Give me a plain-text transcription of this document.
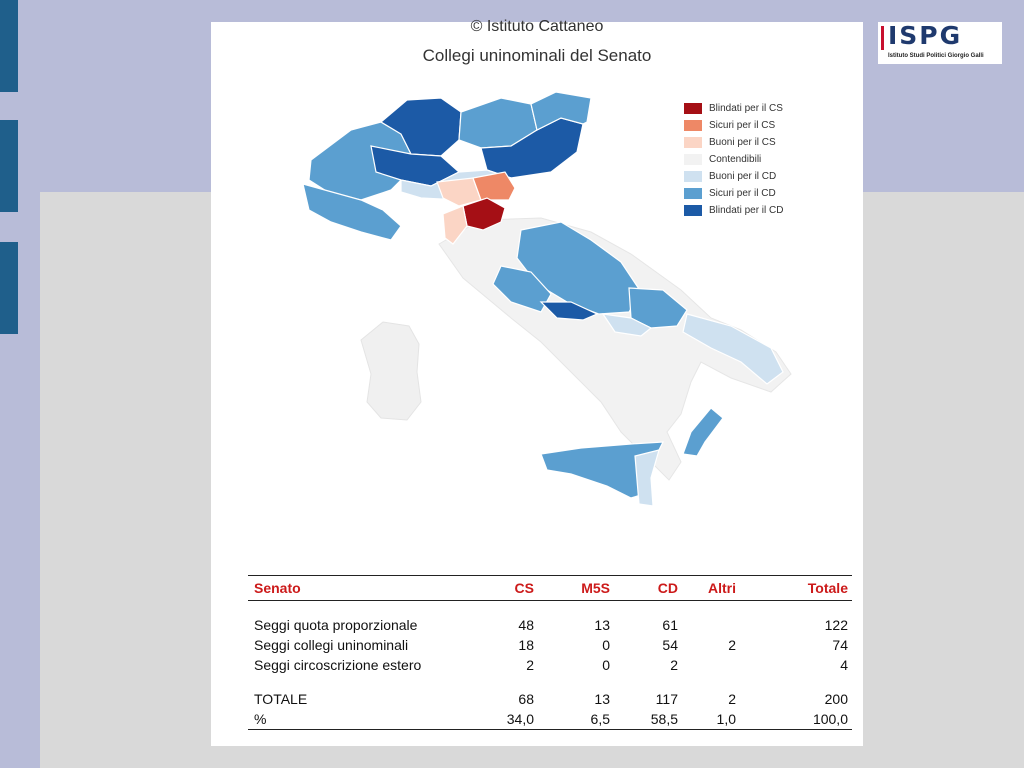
ISPG
Istituto Studi Politici Giorgio Galli
© Istituto Cattaneo
Collegi uninominali del Senato
Blindati per il CS
Sicuri per il CS
Buoni per il CS
Contendibili
Buoni per il CD
Sicuri per il CD
Blindati per il CD
Senato	CS	M5S	CD	Altri	Totale

Seggi quota proporzionale	48	13	61		122
Seggi collegi uninominali	18	0	54	2	74
Seggi circoscrizione estero	2	0	2		4

TOTALE	68	13	117	2	200
%	34,0	6,5	58,5	1,0	100,0
